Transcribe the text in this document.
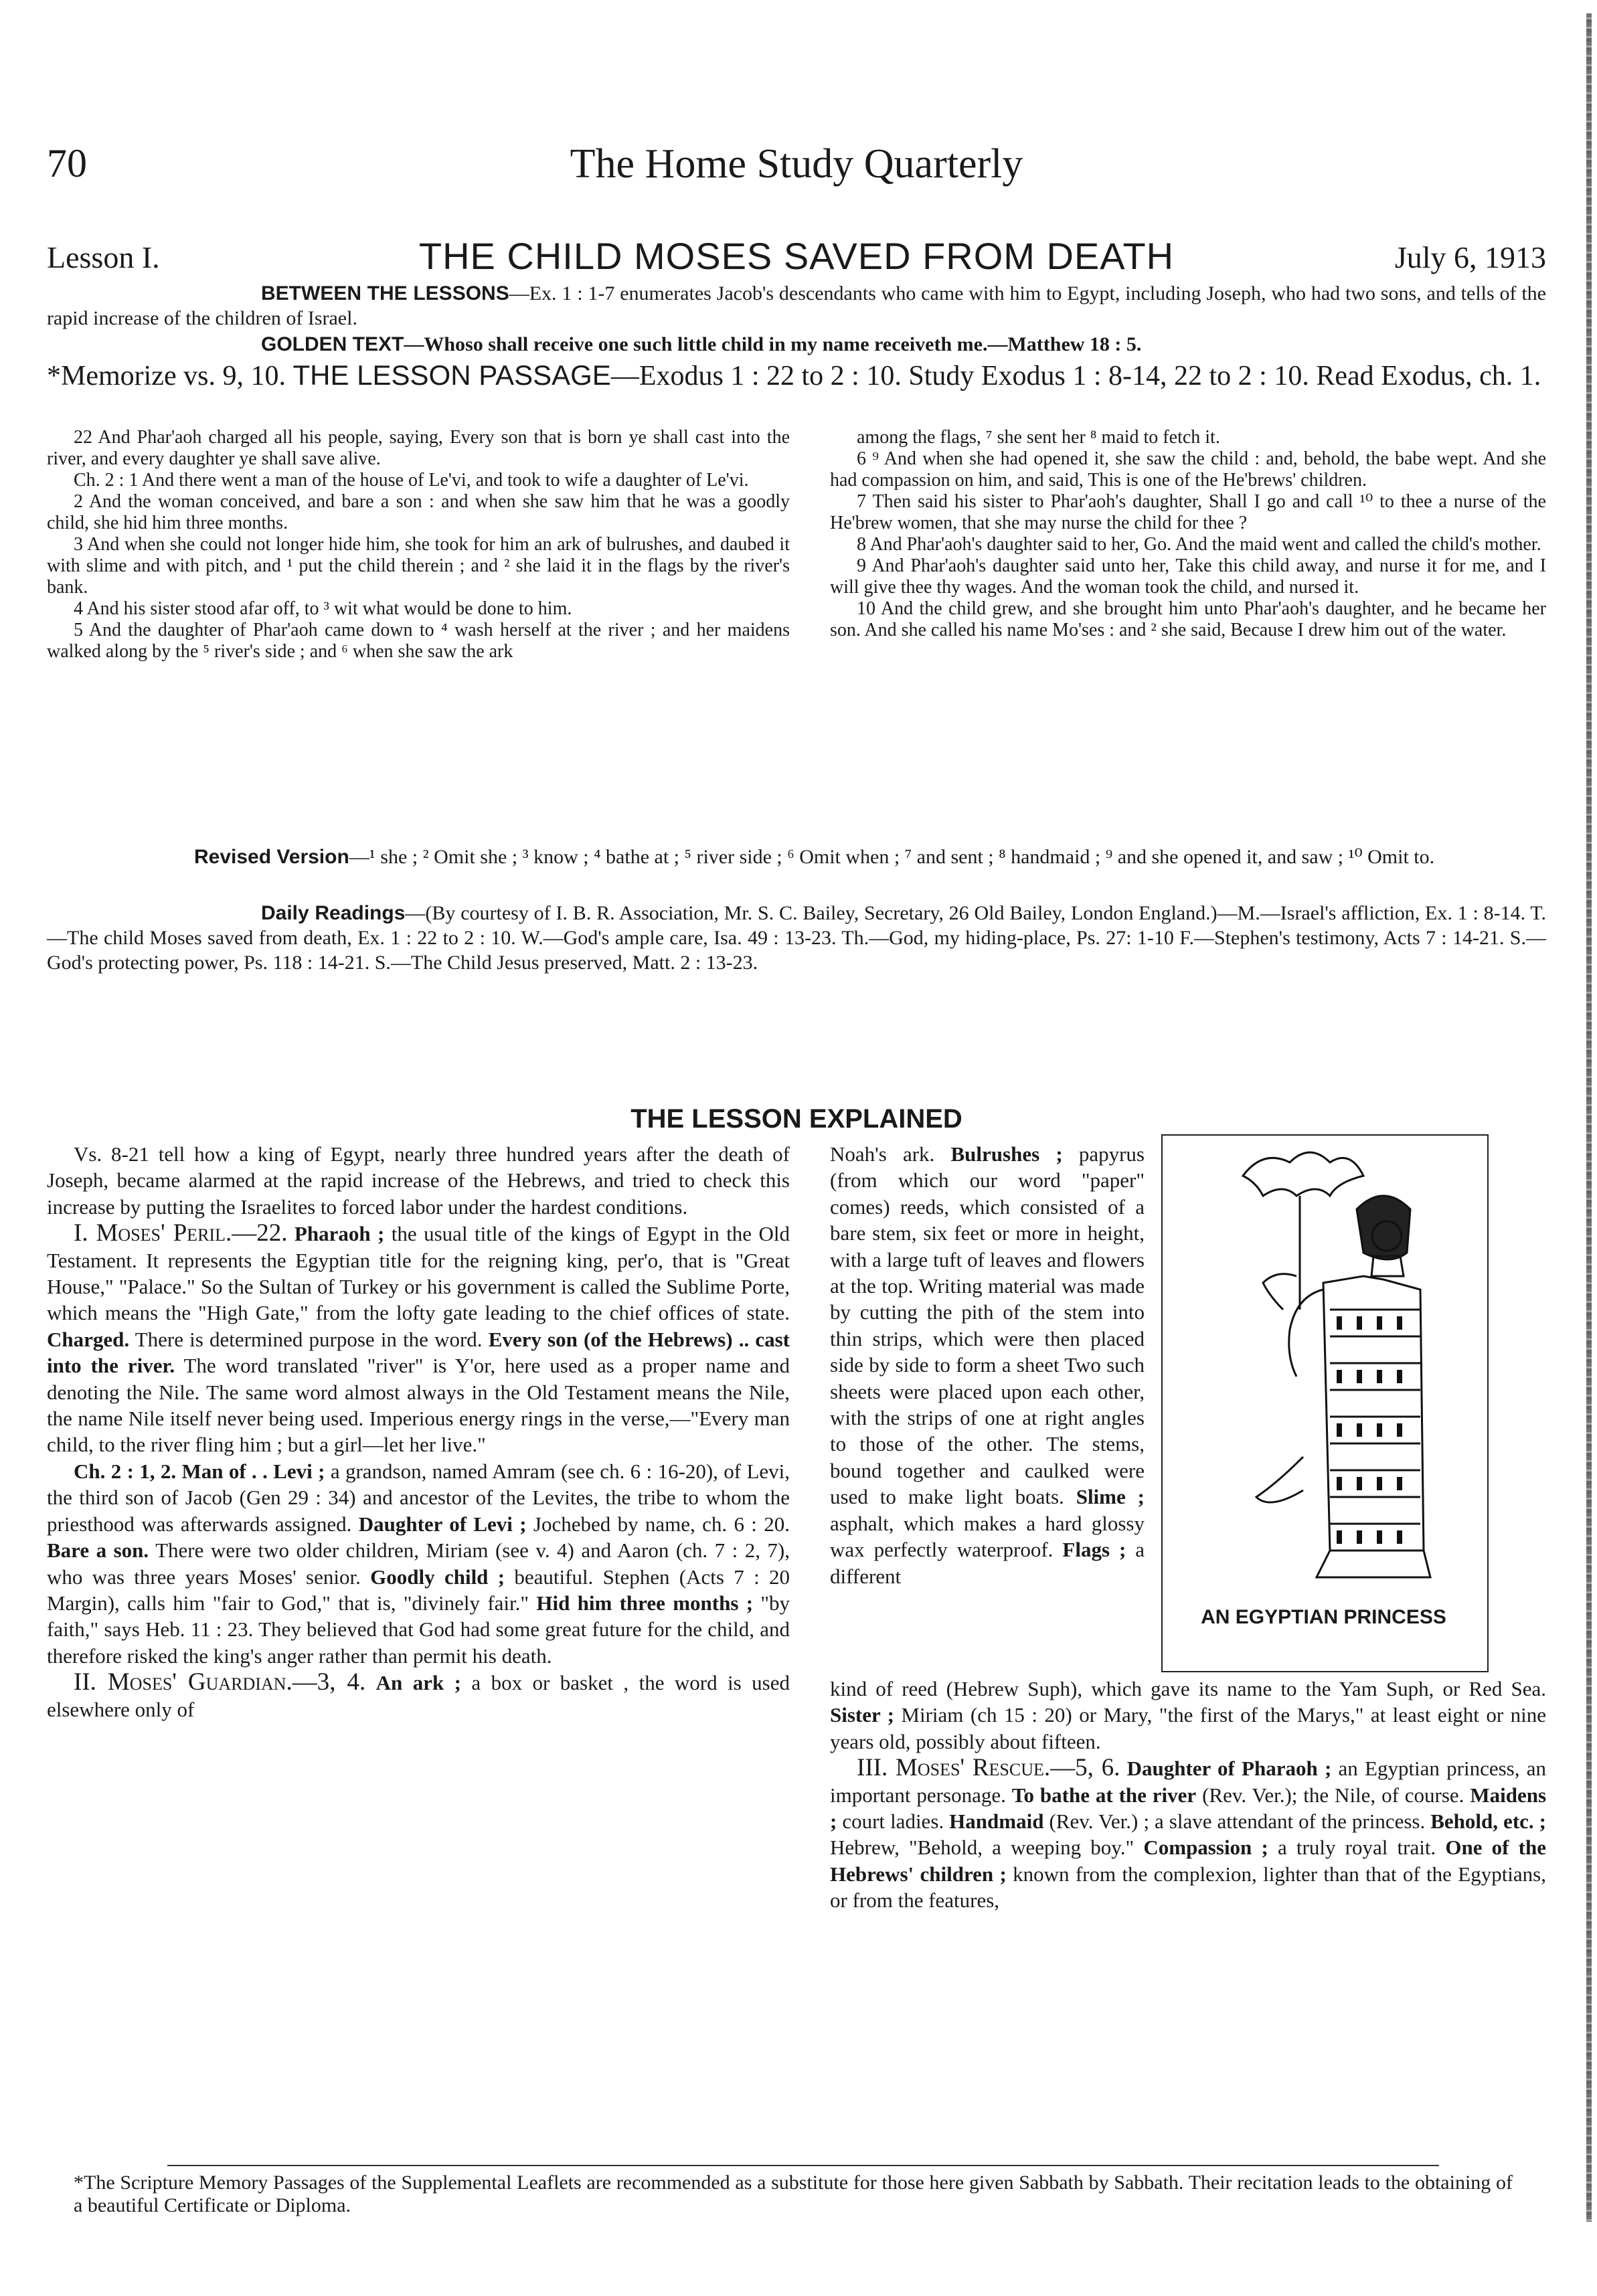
70	The Home Study Quarterly
Lesson I.	THE CHILD MOSES SAVED FROM DEATH	July 6, 1913
BETWEEN THE LESSONS—Ex. 1 : 1-7 enumerates Jacob's descendants who came with him to Egypt, including Joseph, who had two sons, and tells of the rapid increase of the children of Israel.
GOLDEN TEXT—Whoso shall receive one such little child in my name receiveth me.—Matthew 18 : 5.
*Memorize vs. 9, 10. THE LESSON PASSAGE—Exodus 1 : 22 to 2 : 10. Study Exodus 1 : 8-14, 22 to 2 : 10. Read Exodus, ch. 1.

22 And Phar'aoh charged all his people, saying, Every son that is born ye shall cast into the river, and every daughter ye shall save alive.

Ch. 2 : 1 And there went a man of the house of Le'vi, and took to wife a daughter of Le'vi.

2 And the woman conceived, and bare a son : and when she saw him that he was a goodly child, she hid him three months.

3 And when she could not longer hide him, she took for him an ark of bulrushes, and daubed it with slime and with pitch, and ¹ put the child therein ; and ² she laid it in the flags by the river's bank.

4 And his sister stood afar off, to ³ wit what would be done to him.

5 And the daughter of Phar'aoh came down to ⁴ wash herself at the river ; and her maidens walked along by the ⁵ river's side ; and ⁶ when she saw the ark

among the flags, ⁷ she sent her ⁸ maid to fetch it.

6 ⁹ And when she had opened it, she saw the child : and, behold, the babe wept. And she had compassion on him, and said, This is one of the He'brews' children.

7 Then said his sister to Phar'aoh's daughter, Shall I go and call ¹⁰ to thee a nurse of the He'brew women, that she may nurse the child for thee ?

8 And Phar'aoh's daughter said to her, Go. And the maid went and called the child's mother.

9 And Phar'aoh's daughter said unto her, Take this child away, and nurse it for me, and I will give thee thy wages. And the woman took the child, and nursed it.

10 And the child grew, and she brought him unto Phar'aoh's daughter, and he became her son. And she called his name Mo'ses : and ² she said, Because I drew him out of the water.

Revised Version—¹ she ; ² Omit she ; ³ know ; ⁴ bathe at ; ⁵ river side ; ⁶ Omit when ; ⁷ and sent ; ⁸ handmaid ; ⁹ and she opened it, and saw ; ¹⁰ Omit to.
Daily Readings—(By courtesy of I. B. R. Association, Mr. S. C. Bailey, Secretary, 26 Old Bailey, London England.)—M.—Israel's affliction, Ex. 1 : 8-14. T.—The child Moses saved from death, Ex. 1 : 22 to 2 : 10. W.—God's ample care, Isa. 49 : 13-23. Th.—God, my hiding-place, Ps. 27: 1-10 F.—Stephen's testimony, Acts 7 : 14-21. S.—God's protecting power, Ps. 118 : 14-21. S.—The Child Jesus preserved, Matt. 2 : 13-23.
THE LESSON EXPLAINED

Vs. 8-21 tell how a king of Egypt, nearly three hundred years after the death of Joseph, became alarmed at the rapid increase of the Hebrews, and tried to check this increase by putting the Israelites to forced labor under the hardest conditions.

I. Moses' Peril.—22. Pharaoh ; the usual title of the kings of Egypt in the Old Testament. It represents the Egyptian title for the reigning king, per'o, that is "Great House," "Palace." So the Sultan of Turkey or his government is called the Sublime Porte, which means the "High Gate," from the lofty gate leading to the chief offices of state. Charged. There is determined purpose in the word. Every son (of the Hebrews) .. cast into the river. The word translated "river" is Y'or, here used as a proper name and denoting the Nile. The same word almost always in the Old Testament means the Nile, the name Nile itself never being used. Imperious energy rings in the verse,—"Every man child, to the river fling him ; but a girl—let her live."

Ch. 2 : 1, 2. Man of . . Levi ; a grandson, named Amram (see ch. 6 : 16-20), of Levi, the third son of Jacob (Gen 29 : 34) and ancestor of the Levites, the tribe to whom the priesthood was afterwards assigned. Daughter of Levi ; Jochebed by name, ch. 6 : 20. Bare a son. There were two older children, Miriam (see v. 4) and Aaron (ch. 7 : 2, 7), who was three years Moses' senior. Goodly child ; beautiful. Stephen (Acts 7 : 20 Margin), calls him "fair to God," that is, "divinely fair." Hid him three months ; "by faith," says Heb. 11 : 23. They believed that God had some great future for the child, and therefore risked the king's anger rather than permit his death.

II. Moses' Guardian.—3, 4. An ark ; a box or basket , the word is used elsewhere only of

Noah's ark. Bulrushes ; papyrus (from which our word "paper" comes) reeds, which consisted of a bare stem, six feet or more in height, with a large tuft of leaves and flowers at the top. Writing material was made by cutting the pith of the stem into thin strips, which were then placed side by side to form a sheet Two such sheets were placed upon each other, with the strips of one at right angles to those of the other. The stems, bound together and caulked were used to make light boats. Slime ; asphalt, which makes a hard glossy wax perfectly waterproof. Flags ; a different

AN EGYPTIAN PRINCESS

kind of reed (Hebrew Suph), which gave its name to the Yam Suph, or Red Sea. Sister ; Miriam (ch 15 : 20) or Mary, "the first of the Marys," at least eight or nine years old, possibly about fifteen.

III. Moses' Rescue.—5, 6. Daughter of Pharaoh ; an Egyptian princess, an important personage. To bathe at the river (Rev. Ver.); the Nile, of course. Maidens ; court ladies. Handmaid (Rev. Ver.) ; a slave attendant of the princess. Behold, etc. ; Hebrew, "Behold, a weeping boy." Compassion ; a truly royal trait. One of the Hebrews' children ; known from the complexion, lighter than that of the Egyptians, or from the features,

*The Scripture Memory Passages of the Supplemental Leaflets are recommended as a substitute for those here given Sabbath by Sabbath. Their recitation leads to the obtaining of a beautiful Certificate or Diploma.
